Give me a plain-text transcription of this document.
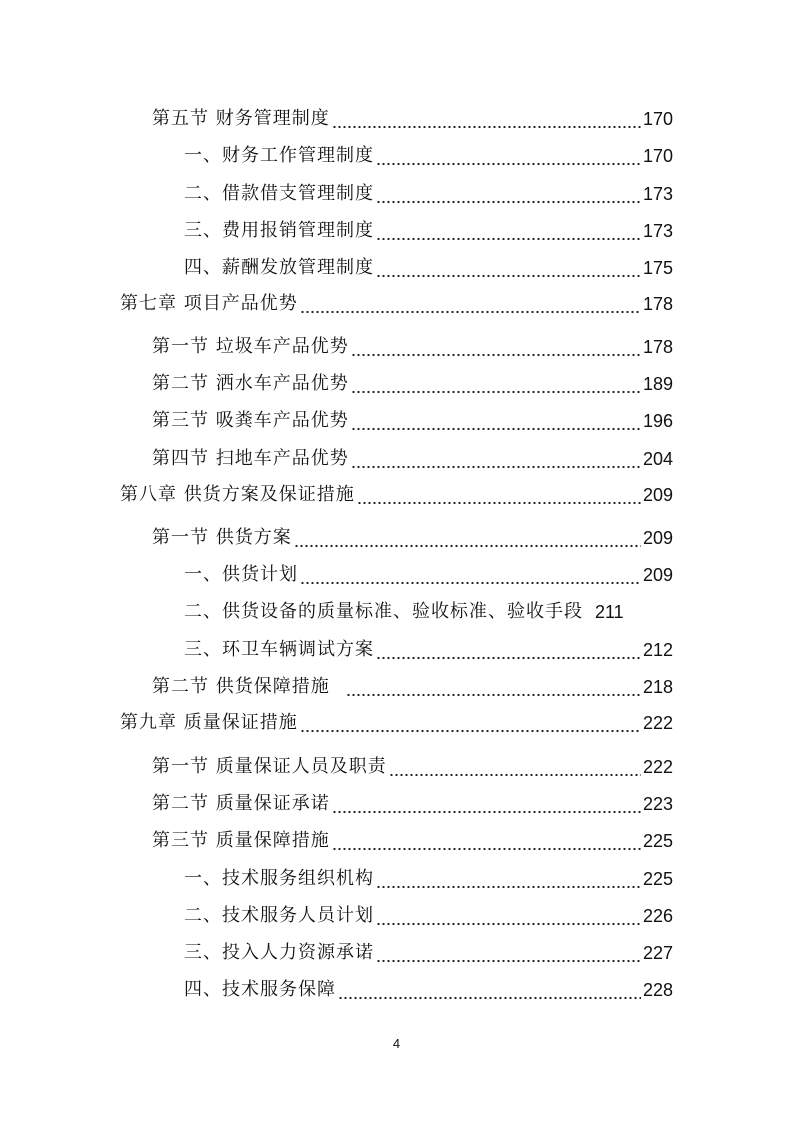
第五节 财务管理制度	170
一、财务工作管理制度	170
二、借款借支管理制度	173
三、费用报销管理制度	173
四、薪酬发放管理制度	175
第七章 项目产品优势	178
第一节 垃圾车产品优势	178
第二节 洒水车产品优势	189
第三节 吸粪车产品优势	196
第四节 扫地车产品优势	204
第八章 供货方案及保证措施	209
第一节 供货方案	209
一、供货计划	209
二、供货设备的质量标准、验收标准、验收手段 211
三、环卫车辆调试方案	212
第二节 供货保障措施	218
第九章 质量保证措施	222
第一节 质量保证人员及职责	222
第二节 质量保证承诺	223
第三节 质量保障措施	225
一、技术服务组织机构	225
二、技术服务人员计划	226
三、投入人力资源承诺	227
四、技术服务保障	228
4
